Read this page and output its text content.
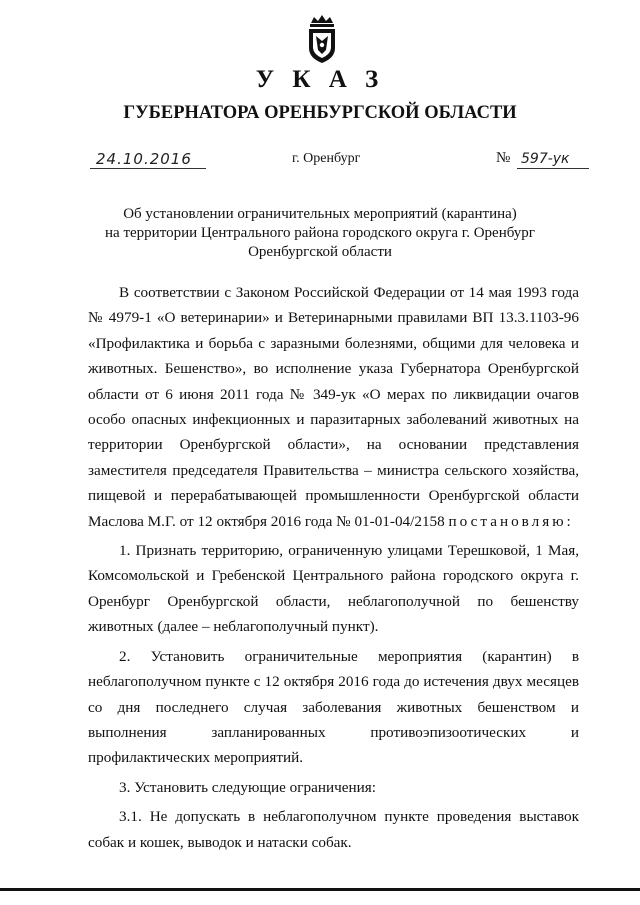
У К А З
ГУБЕРНАТОРА ОРЕНБУРГСКОЙ ОБЛАСТИ
24.10.2016	г. Оренбург	№ 597-ук
Об установлении ограничительных мероприятий (карантина)
на территории Центрального района городского округа г. Оренбург
Оренбургской области

В соответствии с Законом Российской Федерации от 14 мая 1993 года № 4979-1 «О ветеринарии» и Ветеринарными правилами ВП 13.3.1103-96 «Профилактика и борьба с заразными болезнями, общими для человека и животных. Бешенство», во исполнение указа Губернатора Оренбургской области от 6 июня 2011 года № 349-ук «О мерах по ликвидации очагов особо опасных инфекционных и паразитарных заболеваний животных на территории Оренбургской области», на основании представления заместителя председателя Правительства – министра сельского хозяйства, пищевой и перерабатывающей промышленности Оренбургской области Маслова М.Г. от 12 октября 2016 года № 01-01-04/2158 постановляю:

1. Признать территорию, ограниченную улицами Терешковой, 1 Мая, Комсомольской и Гребенской Центрального района городского округа г. Оренбург Оренбургской области, неблагополучной по бешенству животных (далее – неблагополучный пункт).

2. Установить ограничительные мероприятия (карантин) в неблагополучном пункте с 12 октября 2016 года до истечения двух месяцев со дня последнего случая заболевания животных бешенством и выполнения запланированных противоэпизоотических и профилактических мероприятий.

3. Установить следующие ограничения:

3.1. Не допускать в неблагополучном пункте проведения выставок собак и кошек, выводок и натаски собак.
